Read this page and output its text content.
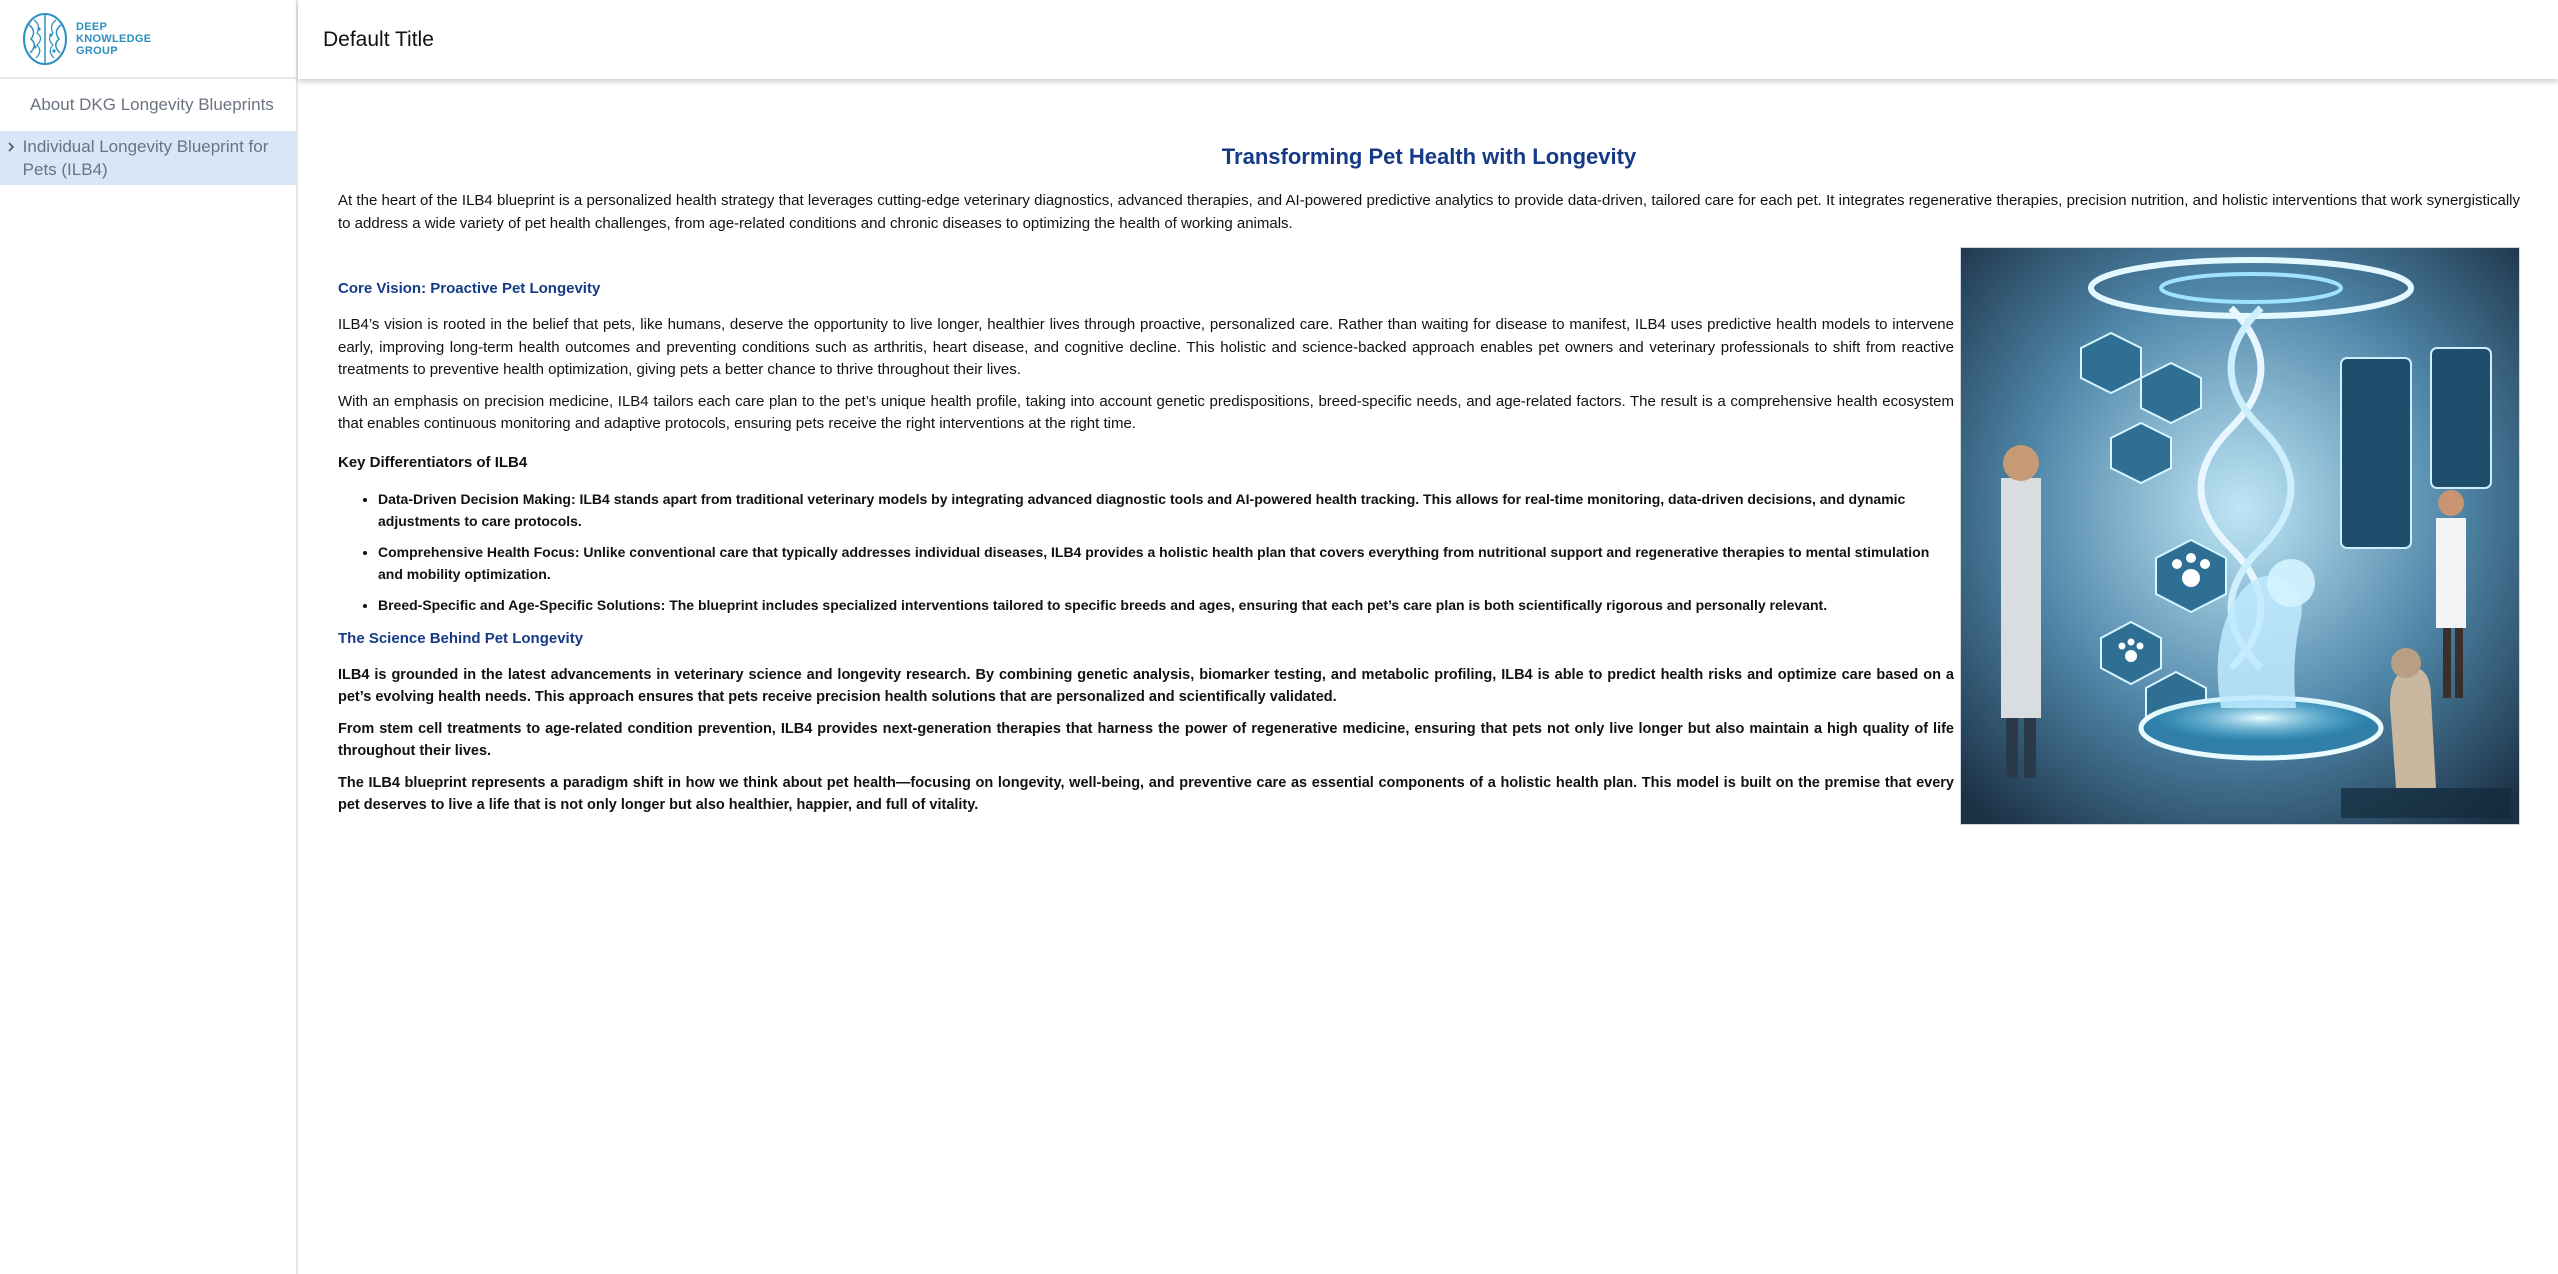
DEEP
KNOWLEDGE
GROUP
About DKG Longevity Blueprints
Individual Longevity Blueprint for Pets (ILB4)
Default Title
Transforming Pet Health with Longevity

At the heart of the ILB4 blueprint is a personalized health strategy that leverages cutting-edge veterinary diagnostics, advanced therapies, and AI-powered predictive analytics to provide data-driven, tailored care for each pet. It integrates regenerative therapies, precision nutrition, and holistic interventions that work synergistically to address a wide variety of pet health challenges, from age-related conditions and chronic diseases to optimizing the health of working animals.

Core Vision: Proactive Pet Longevity

ILB4’s vision is rooted in the belief that pets, like humans, deserve the opportunity to live longer, healthier lives through proactive, personalized care. Rather than waiting for disease to manifest, ILB4 uses predictive health models to intervene early, improving long-term health outcomes and preventing conditions such as arthritis, heart disease, and cognitive decline. This holistic and science-backed approach enables pet owners and veterinary professionals to shift from reactive treatments to preventive health optimization, giving pets a better chance to thrive throughout their lives.

With an emphasis on precision medicine, ILB4 tailors each care plan to the pet’s unique health profile, taking into account genetic predispositions, breed-specific needs, and age-related factors. The result is a comprehensive health ecosystem that enables continuous monitoring and adaptive protocols, ensuring pets receive the right interventions at the right time.

Key Differentiators of ILB4
• Data-Driven Decision Making: ILB4 stands apart from traditional veterinary models by integrating advanced diagnostic tools and AI-powered health tracking. This allows for real-time monitoring, data-driven decisions, and dynamic adjustments to care protocols.
• Comprehensive Health Focus: Unlike conventional care that typically addresses individual diseases, ILB4 provides a holistic health plan that covers everything from nutritional support and regenerative therapies to mental stimulation and mobility optimization.
• Breed-Specific and Age-Specific Solutions: The blueprint includes specialized interventions tailored to specific breeds and ages, ensuring that each pet’s care plan is both scientifically rigorous and personally relevant.
The Science Behind Pet Longevity

ILB4 is grounded in the latest advancements in veterinary science and longevity research. By combining genetic analysis, biomarker testing, and metabolic profiling, ILB4 is able to predict health risks and optimize care based on a pet’s evolving health needs. This approach ensures that pets receive precision health solutions that are personalized and scientifically validated.

From stem cell treatments to age-related condition prevention, ILB4 provides next-generation therapies that harness the power of regenerative medicine, ensuring that pets not only live longer but also maintain a high quality of life throughout their lives.

The ILB4 blueprint represents a paradigm shift in how we think about pet health—focusing on longevity, well-being, and preventive care as essential components of a holistic health plan. This model is built on the premise that every pet deserves to live a life that is not only longer but also healthier, happier, and full of vitality.
